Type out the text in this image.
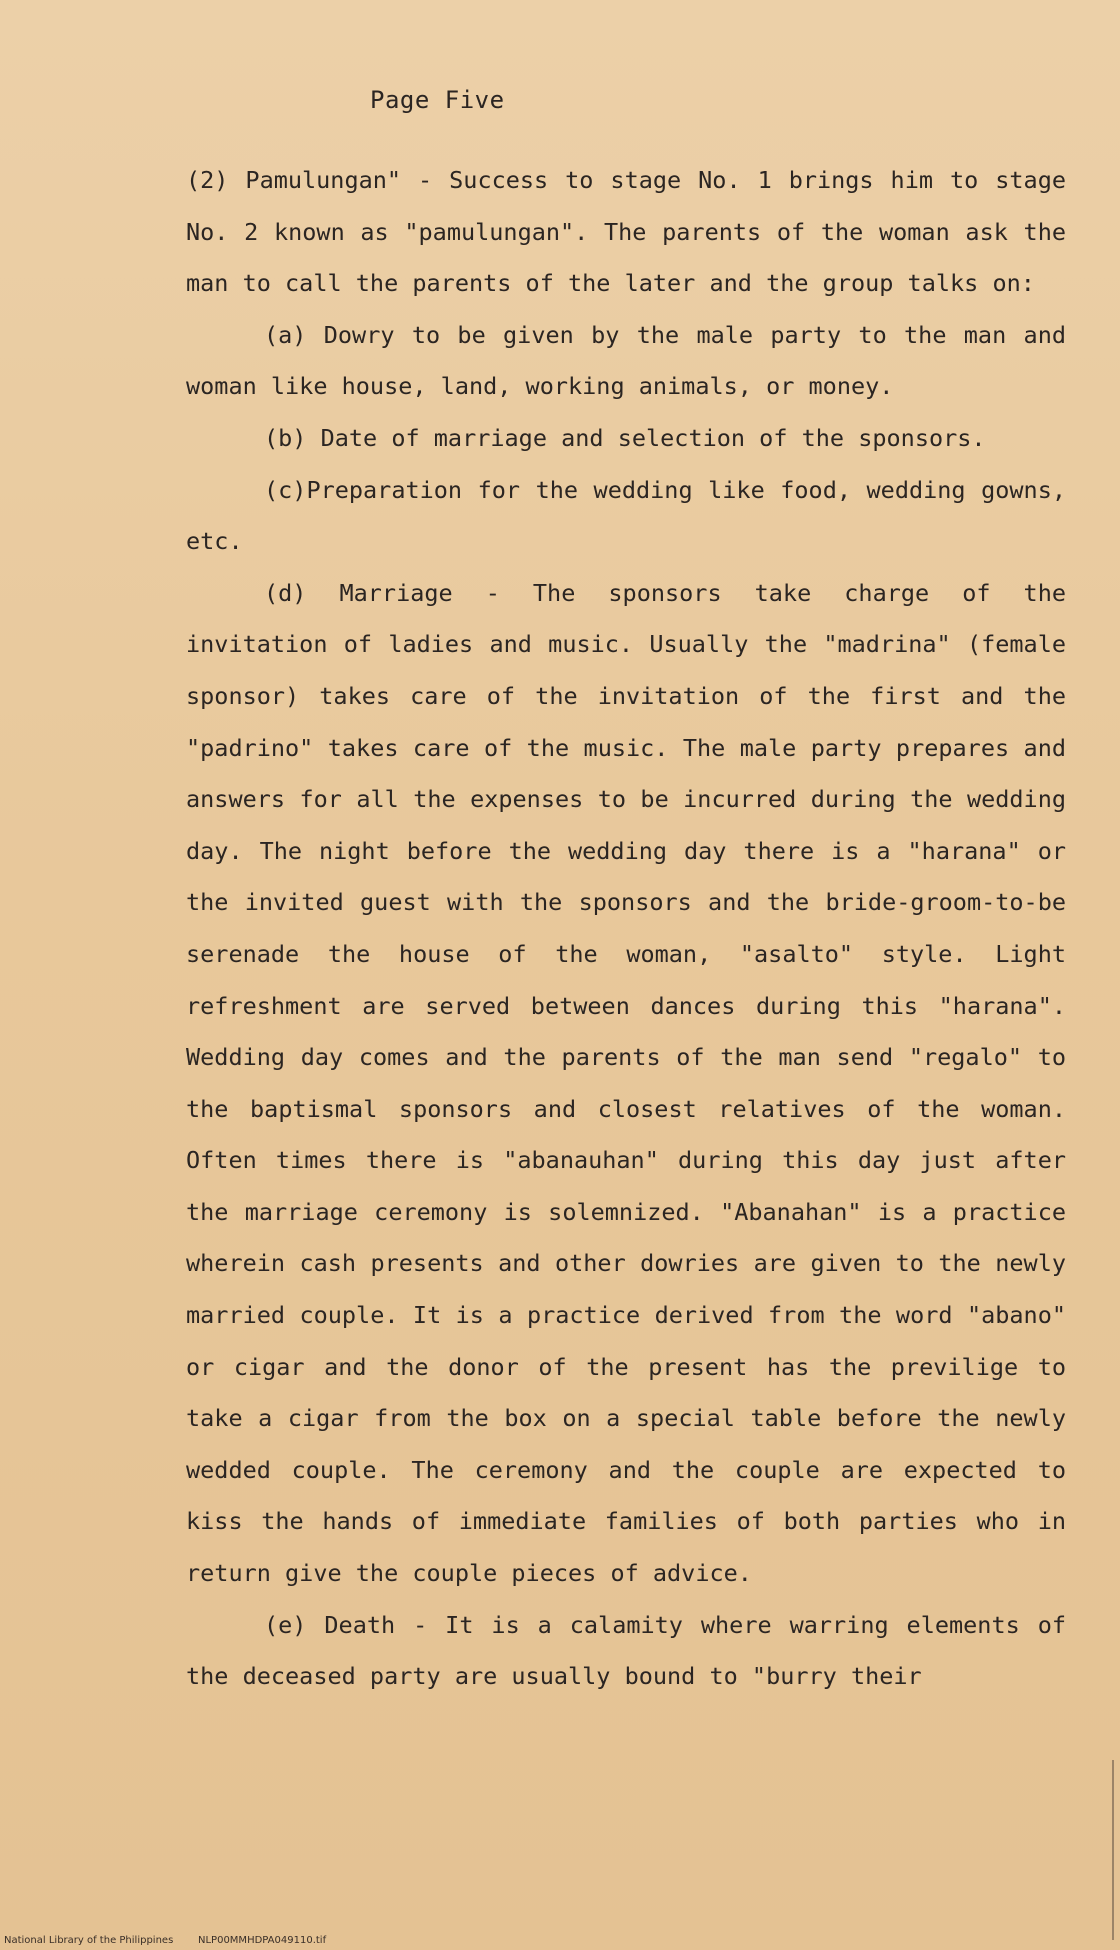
Page Five

(2) Pamulungan" - Success to stage No. 1 brings him to stage No. 2 known as "pamulungan". The parents of the woman ask the man to call the parents of the later and the group talks on:

(a) Dowry to be given by the male party to the man and woman like house, land, working animals, or money.

(b) Date of marriage and selection of the sponsors.

(c)Preparation for the wedding like food, wedding gowns, etc.

(d) Marriage - The sponsors take charge of the invitation of ladies and music. Usually the "madrina" (female sponsor) takes care of the invitation of the first and the "padrino" takes care of the music. The male party prepares and answers for all the expenses to be incurred during the wedding day. The night before the wedding day there is a "harana" or the invited guest with the sponsors and the bride-groom-to-be serenade the house of the woman, "asalto" style. Light refreshment are served between dances during this "harana". Wedding day comes and the parents of the man send "regalo" to the baptismal sponsors and closest relatives of the woman. Often times there is "abanauhan" during this day just after the marriage ceremony is solemnized. "Abanahan" is a practice wherein cash presents and other dowries are given to the newly married couple. It is a practice derived from the word "abano" or cigar and the donor of the present has the previlige to take a cigar from the box on a special table before the newly wedded couple. The ceremony and the couple are expected to kiss the hands of immediate families of both parties who in return give the couple pieces of advice.

(e) Death - It is a calamity where warring elements of the deceased party are usually bound to "burry their

National Library of the Philippines NLP00MMHDPA049110.tif
